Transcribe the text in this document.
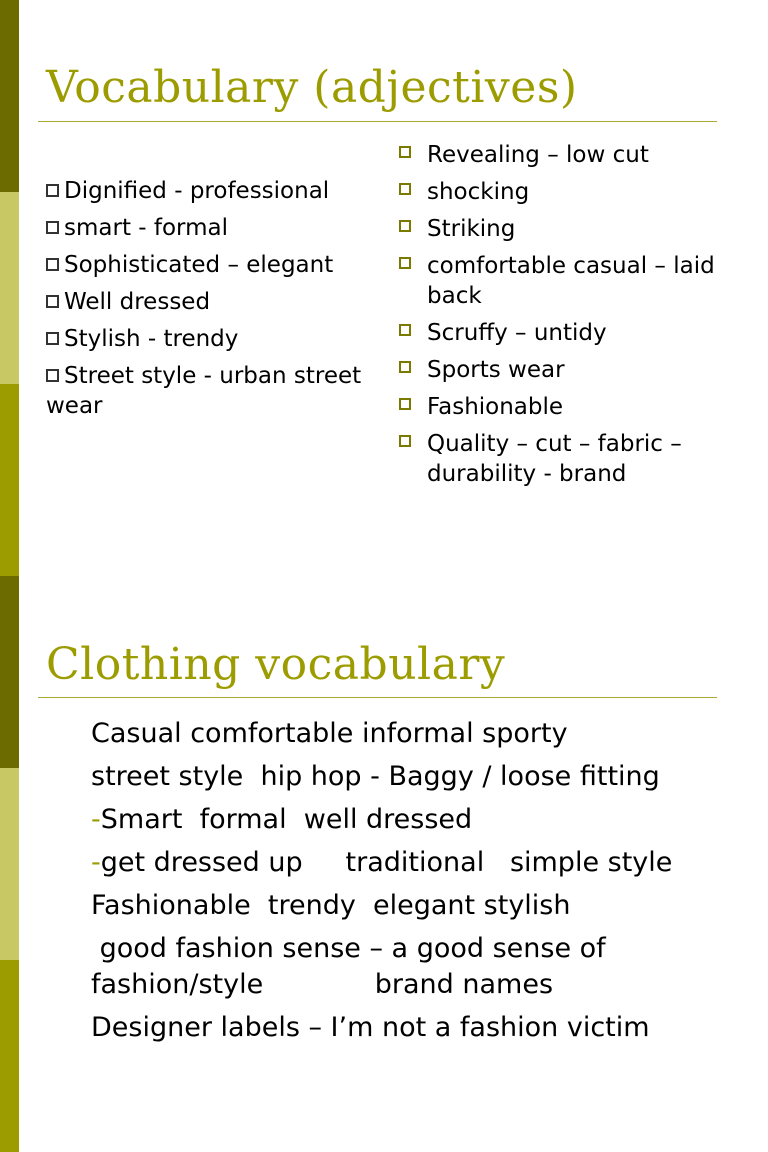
Vocabulary (adjectives)
Dignified - professional
smart - formal
Sophisticated – elegant
Well dressed
Stylish - trendy
Street style - urban street wear
Revealing – low cut
shocking
Striking
comfortable casual – laid back
Scruffy – untidy
Sports wear
Fashionable
Quality – cut – fabric – durability - brand
Clothing vocabulary
Casual comfortable informal sporty
street style  hip hop - Baggy / loose fitting
-Smart  formal  well dressed
-get dressed up     traditional   simple style
Fashionable  trendy  elegant stylish
good fashion sense – a good sense of
fashion/style             brand names
Designer labels – I’m not a fashion victim
